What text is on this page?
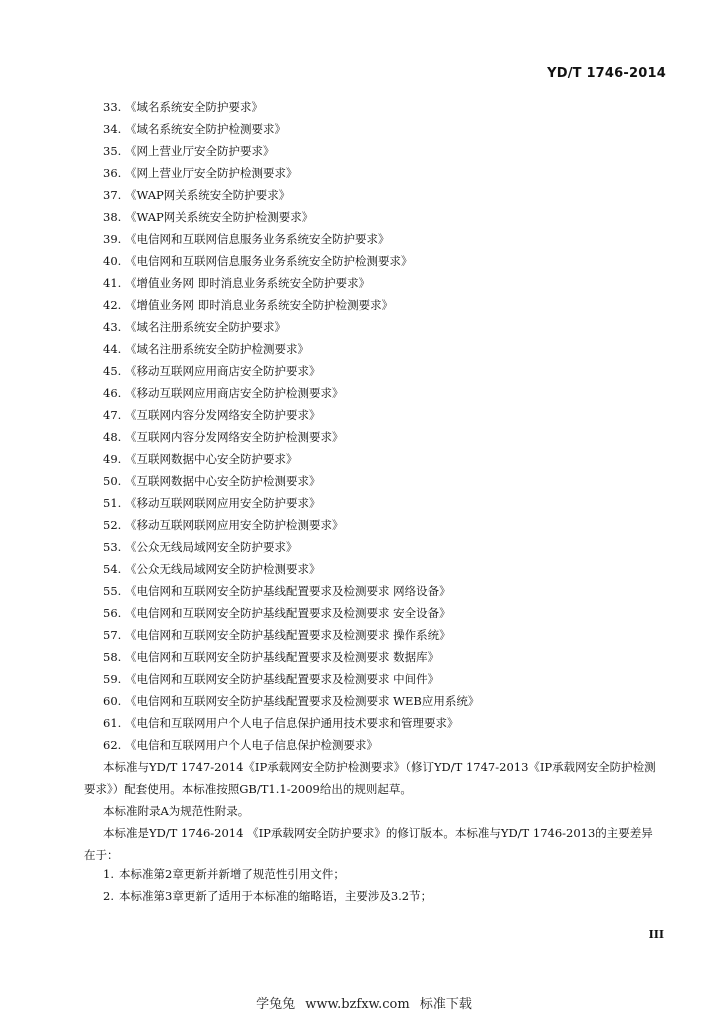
YD/T 1746-2014
33. 《域名系统安全防护要求》
34. 《域名系统安全防护检测要求》
35. 《网上营业厅安全防护要求》
36. 《网上营业厅安全防护检测要求》
37. 《WAP网关系统安全防护要求》
38. 《WAP网关系统安全防护检测要求》
39. 《电信网和互联网信息服务业务系统安全防护要求》
40. 《电信网和互联网信息服务业务系统安全防护检测要求》
41. 《增值业务网 即时消息业务系统安全防护要求》
42. 《增值业务网 即时消息业务系统安全防护检测要求》
43. 《域名注册系统安全防护要求》
44. 《域名注册系统安全防护检测要求》
45. 《移动互联网应用商店安全防护要求》
46. 《移动互联网应用商店安全防护检测要求》
47. 《互联网内容分发网络安全防护要求》
48. 《互联网内容分发网络安全防护检测要求》
49. 《互联网数据中心安全防护要求》
50. 《互联网数据中心安全防护检测要求》
51. 《移动互联网联网应用安全防护要求》
52. 《移动互联网联网应用安全防护检测要求》
53. 《公众无线局域网安全防护要求》
54. 《公众无线局域网安全防护检测要求》
55. 《电信网和互联网安全防护基线配置要求及检测要求 网络设备》
56. 《电信网和互联网安全防护基线配置要求及检测要求 安全设备》
57. 《电信网和互联网安全防护基线配置要求及检测要求 操作系统》
58. 《电信网和互联网安全防护基线配置要求及检测要求 数据库》
59. 《电信网和互联网安全防护基线配置要求及检测要求 中间件》
60. 《电信网和互联网安全防护基线配置要求及检测要求 WEB应用系统》
61. 《电信和互联网用户个人电子信息保护通用技术要求和管理要求》
62. 《电信和互联网用户个人电子信息保护检测要求》
本标准与YD/T 1747-2014《IP承载网安全防护检测要求》（修订YD/T 1747-2013《IP承载网安全防护检测要求》）配套使用。本标准按照GB/T1.1-2009给出的规则起草。
本标准附录A为规范性附录。
本标准是YD/T 1746-2014 《IP承载网安全防护要求》的修订版本。本标准与YD/T 1746-2013的主要差异在于：
1. 本标准第2章更新并新增了规范性引用文件；
2. 本标准第3章更新了适用于本标准的缩略语，主要涉及3.2节；
III
学兔兔 www.bzfxw.com 标准下载
